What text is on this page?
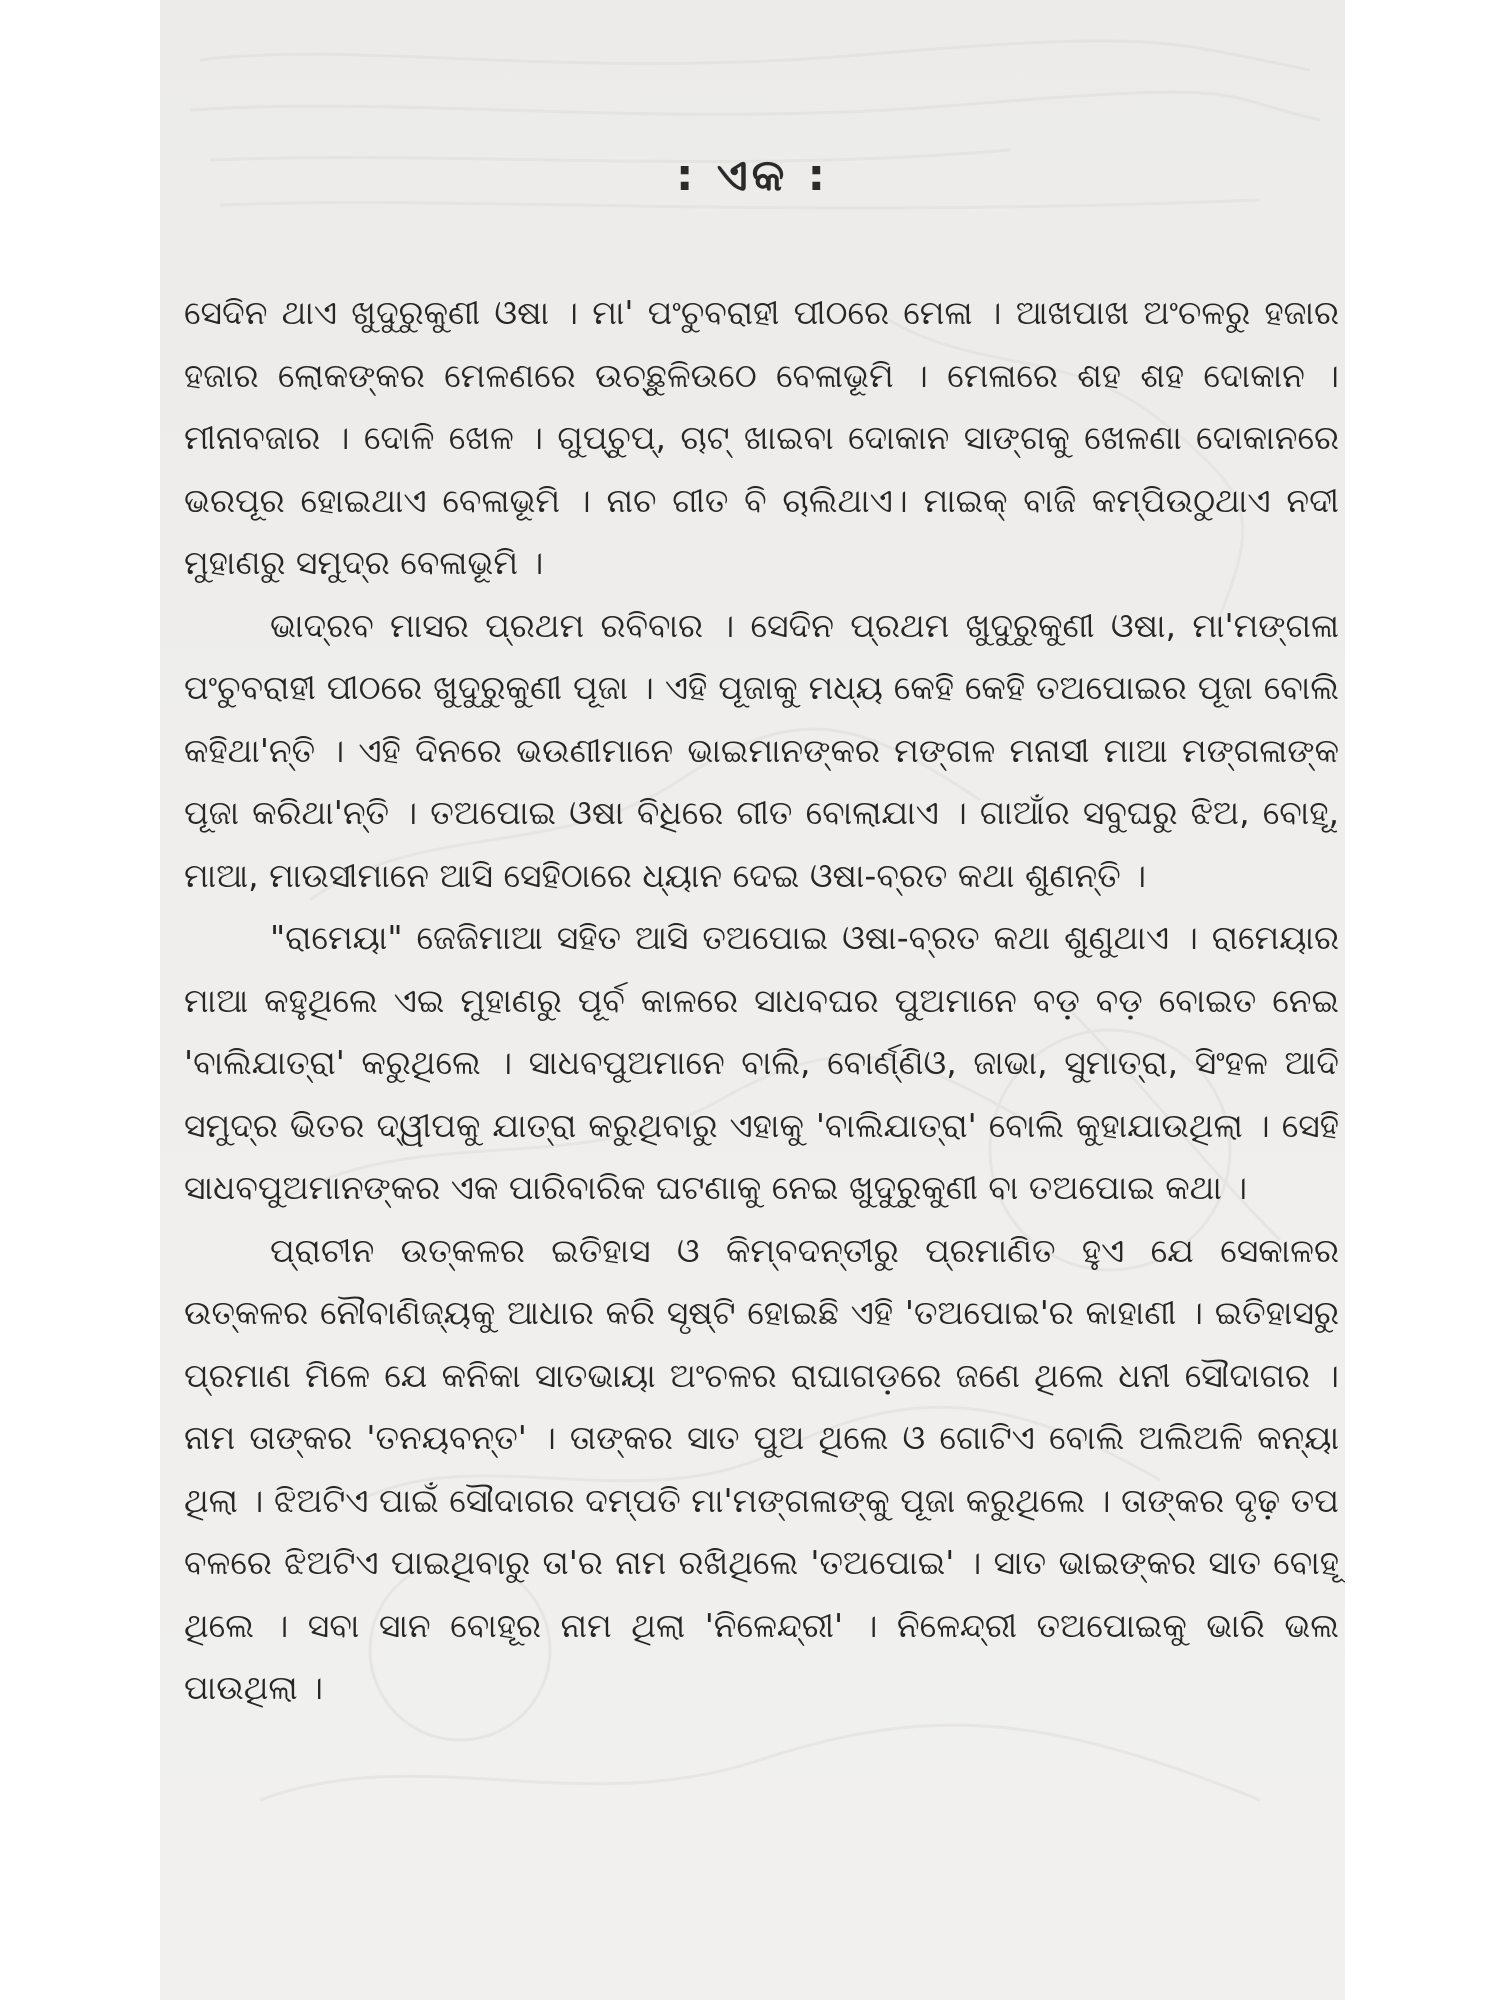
: ଏକ :

ସେଦିନ ଥାଏ ଖୁଦୁରୁକୁଣୀ ଓଷା । ମା' ପଂଚୁବରାହୀ ପୀଠରେ ମେଳା । ଆଖପାଖ ଅଂଚଳରୁ ହଜାର ହଜାର ଲୋକଙ୍କର ମେଳଣରେ ଉଚ୍ଛୁଳିଉଠେ ବେଳାଭୂମି । ମେଳାରେ ଶହ ଶହ ଦୋକାନ । ମୀନାବଜାର । ଦୋଳି ଖେଳ । ଗୁପ୍‌ଚୁପ୍, ଚାଟ୍ ଖାଇବା ଦୋକାନ ସାଙ୍ଗକୁ ଖେଳଣା ଦୋକାନରେ ଭରପୂର ହୋଇଥାଏ ବେଳାଭୂମି । ନାଚ ଗୀତ ବି ଚାଲିଥାଏ। ମାଇକ୍ ବାଜି କମ୍ପିଉଠୁଥାଏ ନଦୀ ମୁହାଣରୁ ସମୁଦ୍ର ବେଳାଭୂମି ।

ଭାଦ୍ରବ ମାସର ପ୍ରଥମ ରବିବାର । ସେଦିନ ପ୍ରଥମ ଖୁଦୁରୁକୁଣୀ ଓଷା, ମା'ମଙ୍ଗଳା ପଂଚୁବରାହୀ ପୀଠରେ ଖୁଦୁରୁକୁଣୀ ପୂଜା । ଏହି ପୂଜାକୁ ମଧ୍ୟ କେହି କେହି ତଅପୋଇର ପୂଜା ବୋଲି କହିଥା'ନ୍ତି । ଏହି ଦିନରେ ଭଉଣୀମାନେ ଭାଇମାନଙ୍କର ମଙ୍ଗଳ ମନାସୀ ମାଆ ମଙ୍ଗଳାଙ୍କ ପୂଜା କରିଥା'ନ୍ତି । ତଅପୋଇ ଓଷା ବିଧିରେ ଗୀତ ବୋଲାଯାଏ । ଗାଆଁର ସବୁଘରୁ ଝିଅ, ବୋହୂ, ମାଆ, ମାଉସୀମାନେ ଆସି ସେହିଠାରେ ଧ୍ୟାନ ଦେଇ ଓଷା-ବ୍ରତ କଥା ଶୁଣନ୍ତି ।

"ରାମେୟା" ଜେଜିମାଆ ସହିତ ଆସି ତଅପୋଇ ଓଷା-ବ୍ରତ କଥା ଶୁଣୁଥାଏ । ରାମେୟାର ମାଆ କହୁଥିଲେ ଏଇ ମୁହାଣରୁ ପୂର୍ବ କାଳରେ ସାଧବଘର ପୁଅମାନେ ବଡ଼ ବଡ଼ ବୋଇତ ନେଇ 'ବାଲିଯାତ୍ରା' କରୁଥିଲେ । ସାଧବପୁଅମାନେ ବାଲି, ବୋର୍ଣ୍ଣିଓ, ଜାଭା, ସୁମାତ୍ରା, ସିଂହଳ ଆଦି ସମୁଦ୍ର ଭିତର ଦ୍ୱୀପକୁ ଯାତ୍ରା କରୁଥିବାରୁ ଏହାକୁ 'ବାଲିଯାତ୍ରା' ବୋଲି କୁହାଯାଉଥିଲା । ସେହି ସାଧବପୁଅମାନଙ୍କର ଏକ ପାରିବାରିକ ଘଟଣାକୁ ନେଇ ଖୁଦୁରୁକୁଣୀ ବା ତଅପୋଇ କଥା ।

ପ୍ରାଚୀନ ଉତ୍କଳର ଇତିହାସ ଓ କିମ୍ବଦନ୍ତୀରୁ ପ୍ରମାଣିତ ହୁଏ ଯେ ସେକାଳର ଉତ୍କଳର ନୌବାଣିଜ୍ୟକୁ ଆଧାର କରି ସୃଷ୍ଟି ହୋଇଛି ଏହି 'ତଅପୋଇ'ର କାହାଣୀ । ଇତିହାସରୁ ପ୍ରମାଣ ମିଳେ ଯେ କନିକା ସାତଭାୟା ଅଂଚଳର ରାଘାଗଡ଼ରେ ଜଣେ ଥିଲେ ଧନୀ ସୌଦାଗର । ନାମ ତାଙ୍କର 'ତନୟବନ୍ତ' । ତାଙ୍କର ସାତ ପୁଅ ଥିଲେ ଓ ଗୋଟିଏ ବୋଲି ଅଲିଅଳି କନ୍ୟା ଥିଲା । ଝିଅଟିଏ ପାଇଁ ସୌଦାଗର ଦମ୍ପତି ମା'ମଙ୍ଗଳାଙ୍କୁ ପୂଜା କରୁଥିଲେ । ତାଙ୍କର ଦୃଢ଼ ତପ ବଳରେ ଝିଅଟିଏ ପାଇଥିବାରୁ ତା'ର ନାମ ରଖିଥିଲେ 'ତଅପୋଇ' । ସାତ ଭାଇଙ୍କର ସାତ ବୋହୂ ଥିଲେ । ସବା ସାନ ବୋହୂର ନାମ ଥିଲା 'ନିଳେନ୍ଦ୍ରୀ' । ନିଳେନ୍ଦ୍ରୀ ତଅପୋଇକୁ ଭାରି ଭଲ ପାଉଥିଲା ।
